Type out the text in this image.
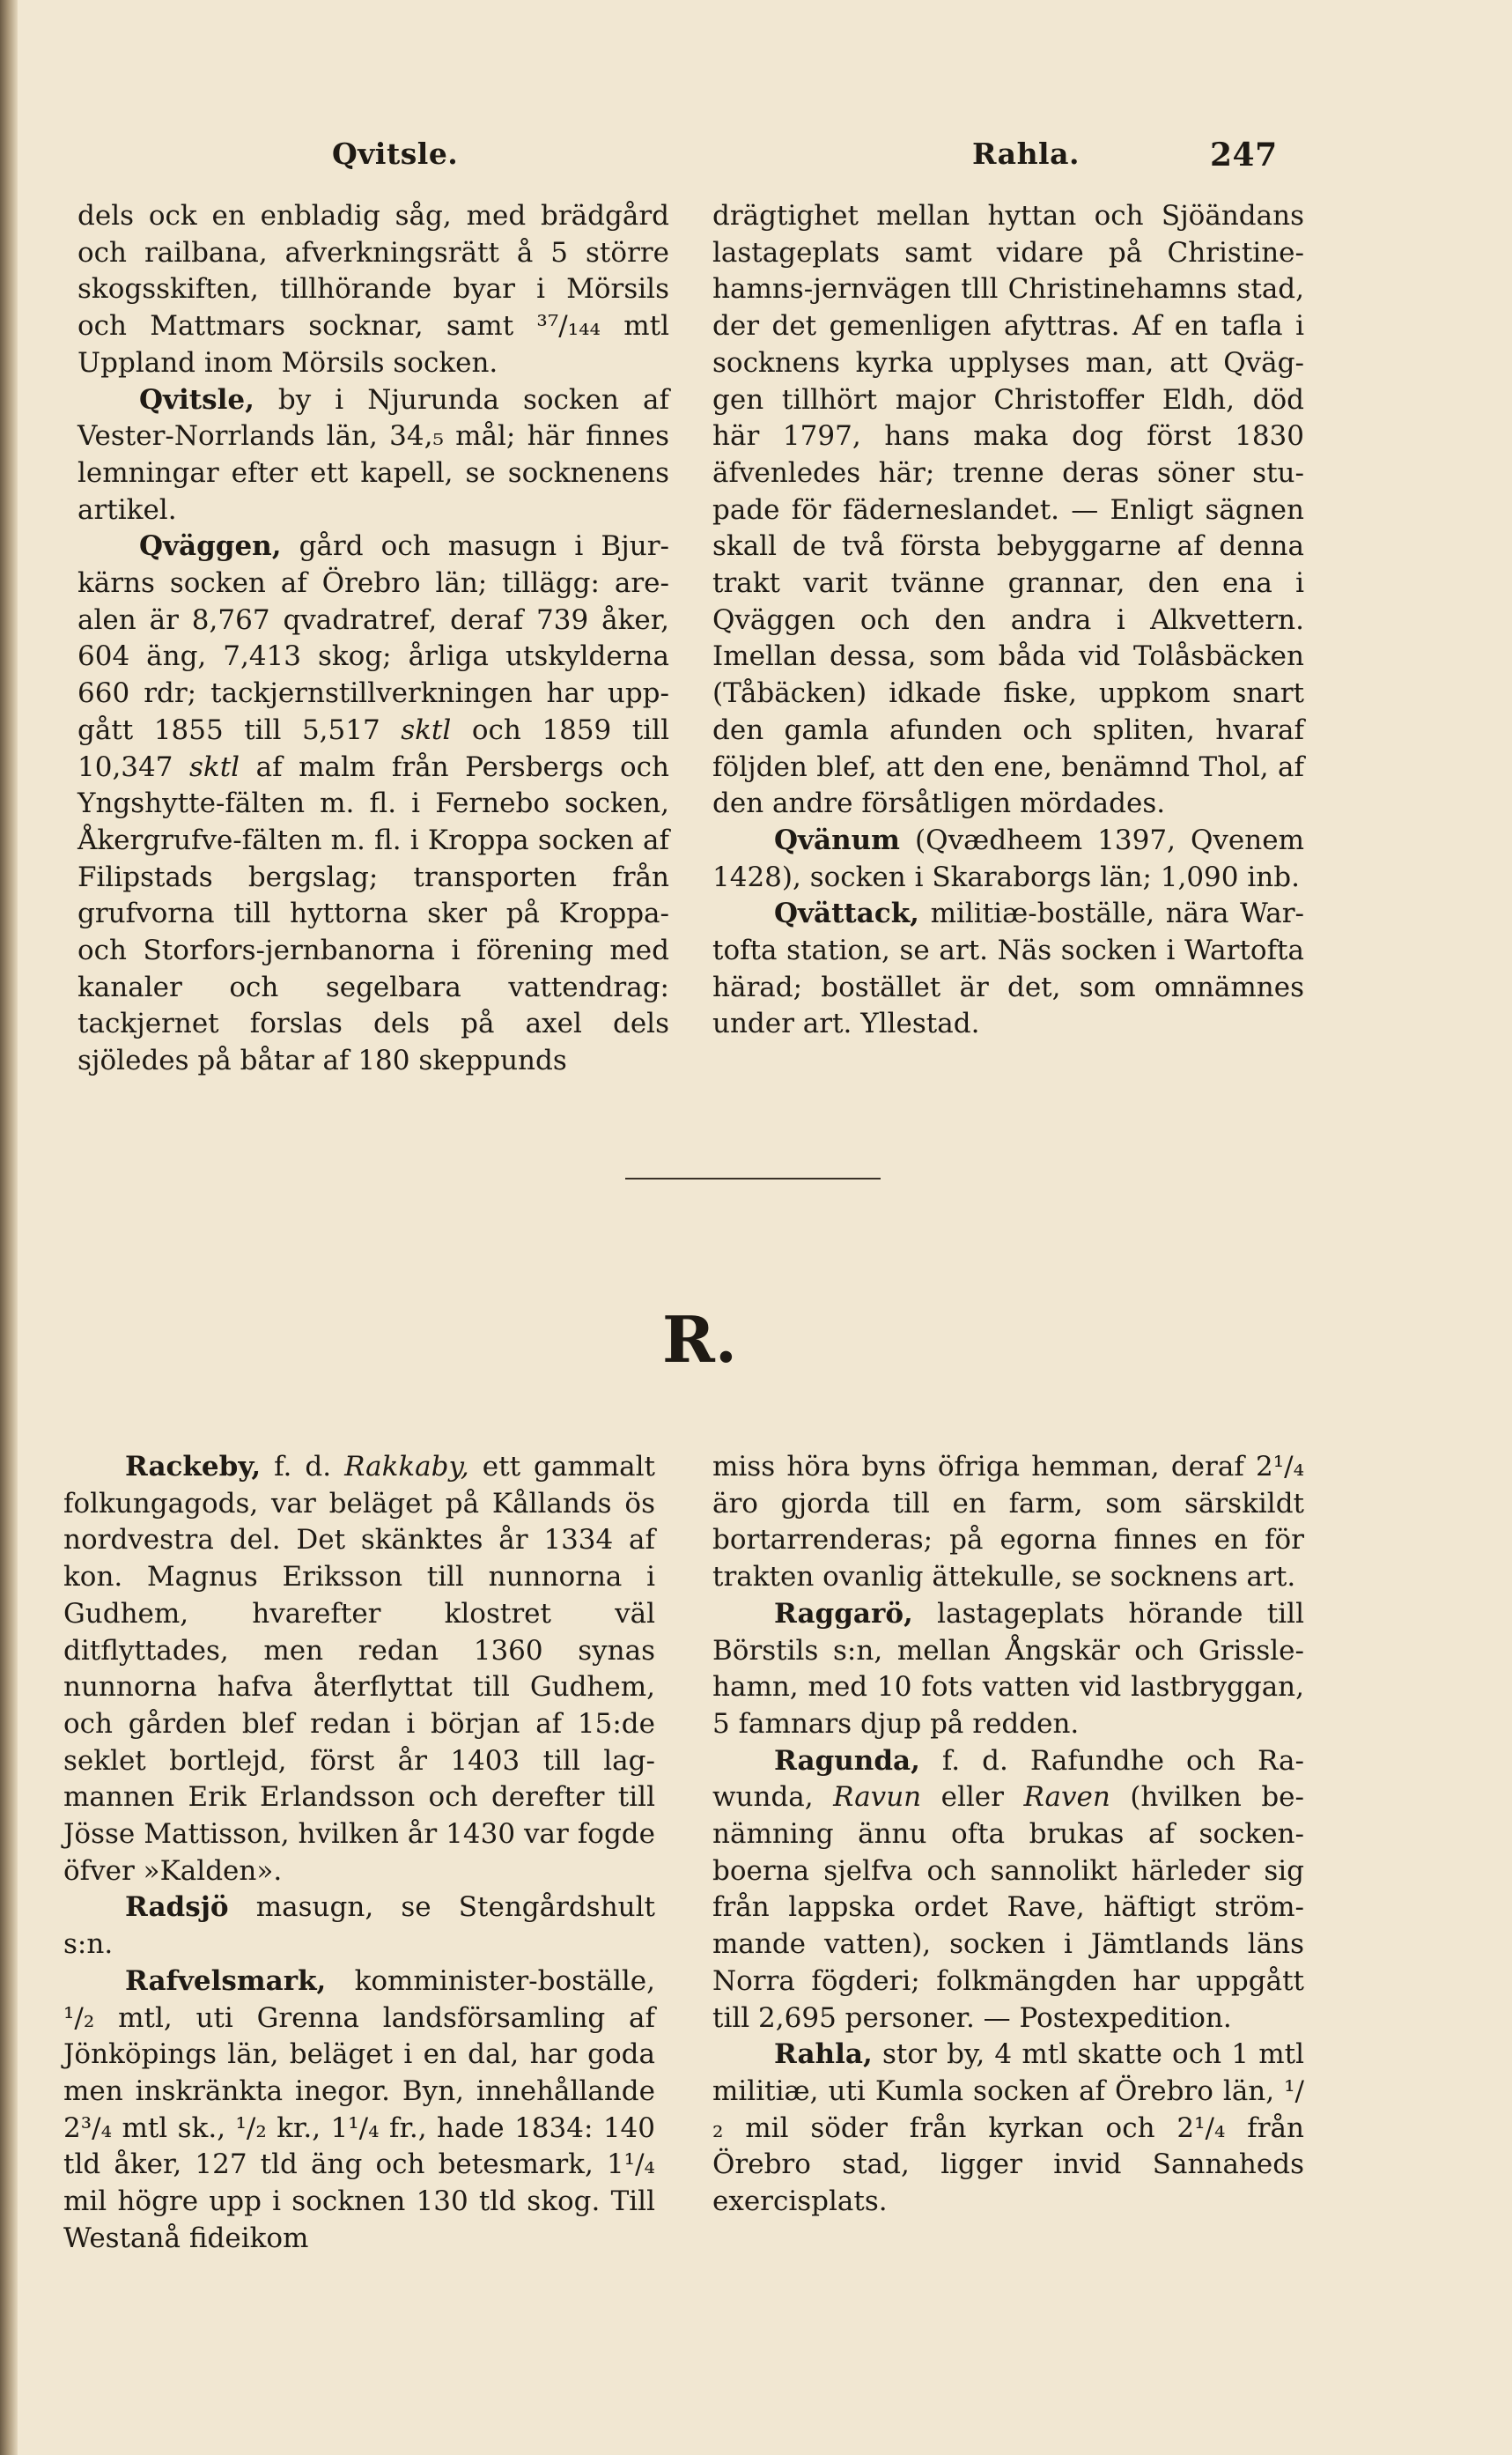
Qvitsle.	Rahla.	247

dels ock en enbladig såg, med brädgård och railbana, afverkningsrätt å 5 större skogsskiften, tillhörande byar i Mörsils och Mattmars socknar, samt ³⁷/₁₄₄ mtl Uppland inom Mörsils socken.

Qvitsle, by i Njurunda socken af Vester-Norrlands län, 34,₅ mål; här finnes lemningar efter ett kapell, se socknenens artikel.

Qväggen, gård och masugn i Bjurkärns socken af Örebro län; tillägg: arealen är 8,767 qvadratref, deraf 739 åker, 604 äng, 7,413 skog; årliga utskylderna 660 rdr; tackjernstillverkningen har uppgått 1855 till 5,517 sktl och 1859 till 10,347 sktl af malm från Persbergs och Yngshytte-fälten m. fl. i Fernebo socken, Åkergrufve-fälten m. fl. i Kroppa socken af Filipstads bergslag; transporten från grufvorna till hyttorna sker på Kroppa- och Storfors-jernbanorna i förening med kanaler och segelbara vattendrag: tackjernet forslas dels på axel dels sjöledes på båtar af 180 skeppunds

drägtighet mellan hyttan och Sjöändans lastageplats samt vidare på Christinehamns-jernvägen tlll Christinehamns stad, der det gemenligen afyttras. Af en tafla i socknens kyrka upplyses man, att Qväggen tillhört major Christoffer Eldh, död här 1797, hans maka dog först 1830 äfvenledes här; trenne deras söner stupade för fäderneslandet. — Enligt sägnen skall de två första bebyggarne af denna trakt varit tvänne grannar, den ena i Qväggen och den andra i Alkvettern. Imellan dessa, som båda vid Tolåsbäcken (Tåbäcken) idkade fiske, uppkom snart den gamla afunden och spliten, hvaraf följden blef, att den ene, benämnd Thol, af den andre försåtligen mördades.

Qvänum (Qvædheem 1397, Qvenem 1428), socken i Skaraborgs län; 1,090 inb.

Qvättack, militiæ-boställe, nära Wartofta station, se art. Näs socken i Wartofta härad; bostället är det, som omnämnes under art. Yllestad.

R.

Rackeby, f. d. Rakkaby, ett gammalt folkungagods, var beläget på Kållands ös nordvestra del. Det skänktes år 1334 af kon. Magnus Eriksson till nunnorna i Gudhem, hvarefter klostret väl ditflyttades, men redan 1360 synas nunnorna hafva återflyttat till Gudhem, och gården blef redan i början af 15:de seklet bortlejd, först år 1403 till lagmannen Erik Erlandsson och derefter till Jösse Mattisson, hvilken år 1430 var fogde öfver »Kalden».

Radsjö masugn, se Stengårdshult s:n.

Rafvelsmark, komminister-boställe, ¹/₂ mtl, uti Grenna landsförsamling af Jönköpings län, beläget i en dal, har goda men inskränkta inegor. Byn, innehållande 2³/₄ mtl sk., ¹/₂ kr., 1¹/₄ fr., hade 1834: 140 tld åker, 127 tld äng och betesmark, 1¹/₄ mil högre upp i socknen 130 tld skog. Till Westanå fideikom

miss höra byns öfriga hemman, deraf 2¹/₄ äro gjorda till en farm, som särskildt bortarrenderas; på egorna finnes en för trakten ovanlig ättekulle, se socknens art.

Raggarö, lastageplats hörande till Börstils s:n, mellan Ångskär och Grisslehamn, med 10 fots vatten vid lastbryggan, 5 famnars djup på redden.

Ragunda, f. d. Rafundhe och Rawunda, Ravun eller Raven (hvilken benämning ännu ofta brukas af sockenboerna sjelfva och sannolikt härleder sig från lappska ordet Rave, häftigt strömmande vatten), socken i Jämtlands läns Norra fögderi; folkmängden har uppgått till 2,695 personer. — Postexpedition.

Rahla, stor by, 4 mtl skatte och 1 mtl militiæ, uti Kumla socken af Örebro län, ¹/₂ mil söder från kyrkan och 2¹/₄ från Örebro stad, ligger invid Sannaheds exercisplats.
